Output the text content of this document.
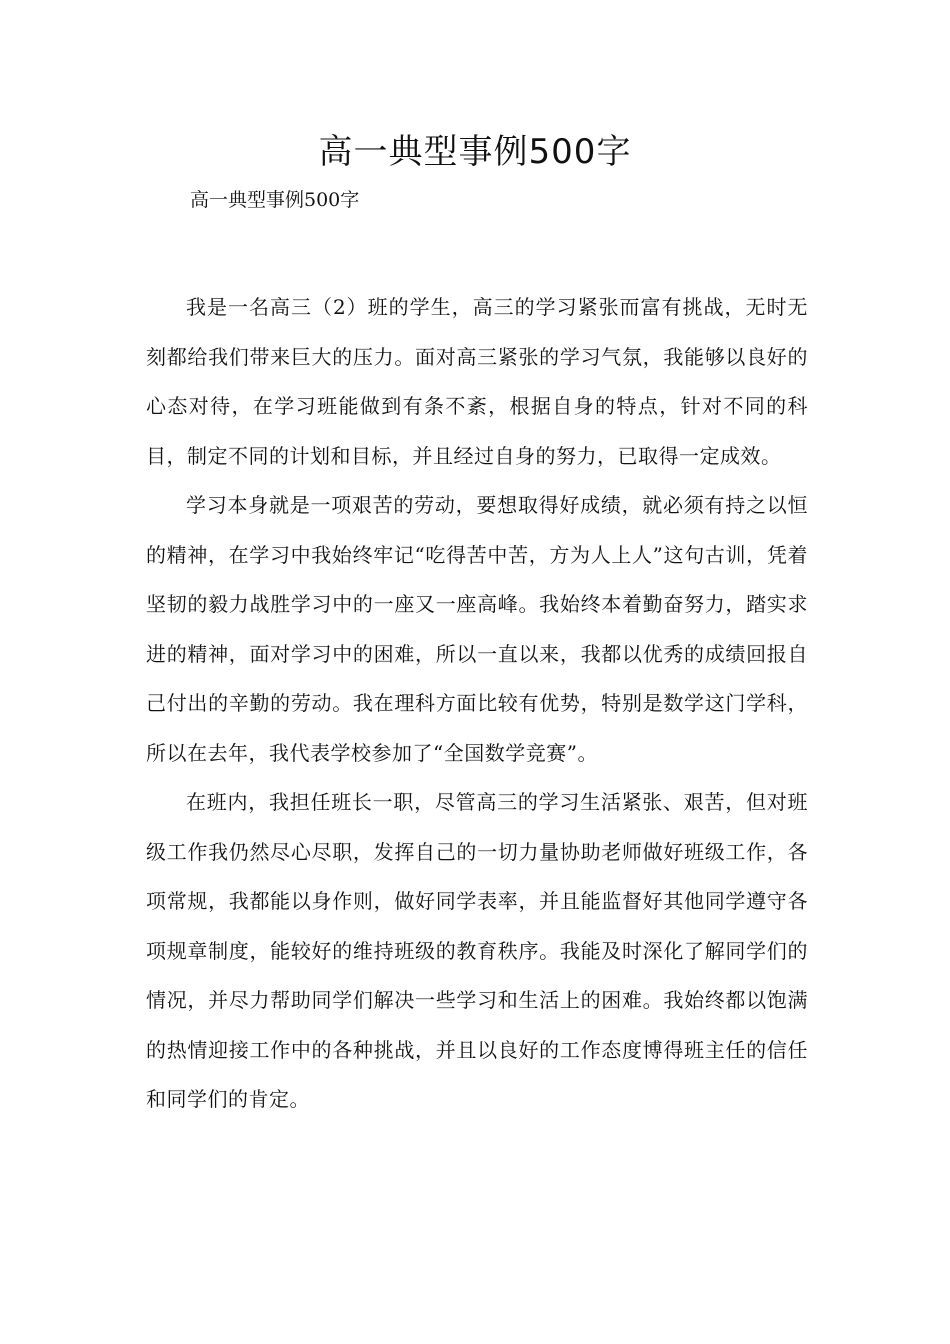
高一典型事例500字

高一典型事例500字

我是一名高三（2）班的学生，高三的学习紧张而富有挑战，无时无刻都给我们带来巨大的压力。面对高三紧张的学习气氛，我能够以良好的心态对待，在学习班能做到有条不紊，根据自身的特点，针对不同的科目，制定不同的计划和目标，并且经过自身的努力，已取得一定成效。

学习本身就是一项艰苦的劳动，要想取得好成绩，就必须有持之以恒的精神，在学习中我始终牢记“吃得苦中苦，方为人上人”这句古训，凭着坚韧的毅力战胜学习中的一座又一座高峰。我始终本着勤奋努力，踏实求进的精神，面对学习中的困难，所以一直以来，我都以优秀的成绩回报自己付出的辛勤的劳动。我在理科方面比较有优势，特别是数学这门学科，所以在去年，我代表学校参加了“全国数学竞赛”。

在班内，我担任班长一职，尽管高三的学习生活紧张、艰苦，但对班级工作我仍然尽心尽职，发挥自己的一切力量协助老师做好班级工作，各项常规，我都能以身作则，做好同学表率，并且能监督好其他同学遵守各项规章制度，能较好的维持班级的教育秩序。我能及时深化了解同学们的情况，并尽力帮助同学们解决一些学习和生活上的困难。我始终都以饱满的热情迎接工作中的各种挑战，并且以良好的工作态度博得班主任的信任和同学们的肯定。
